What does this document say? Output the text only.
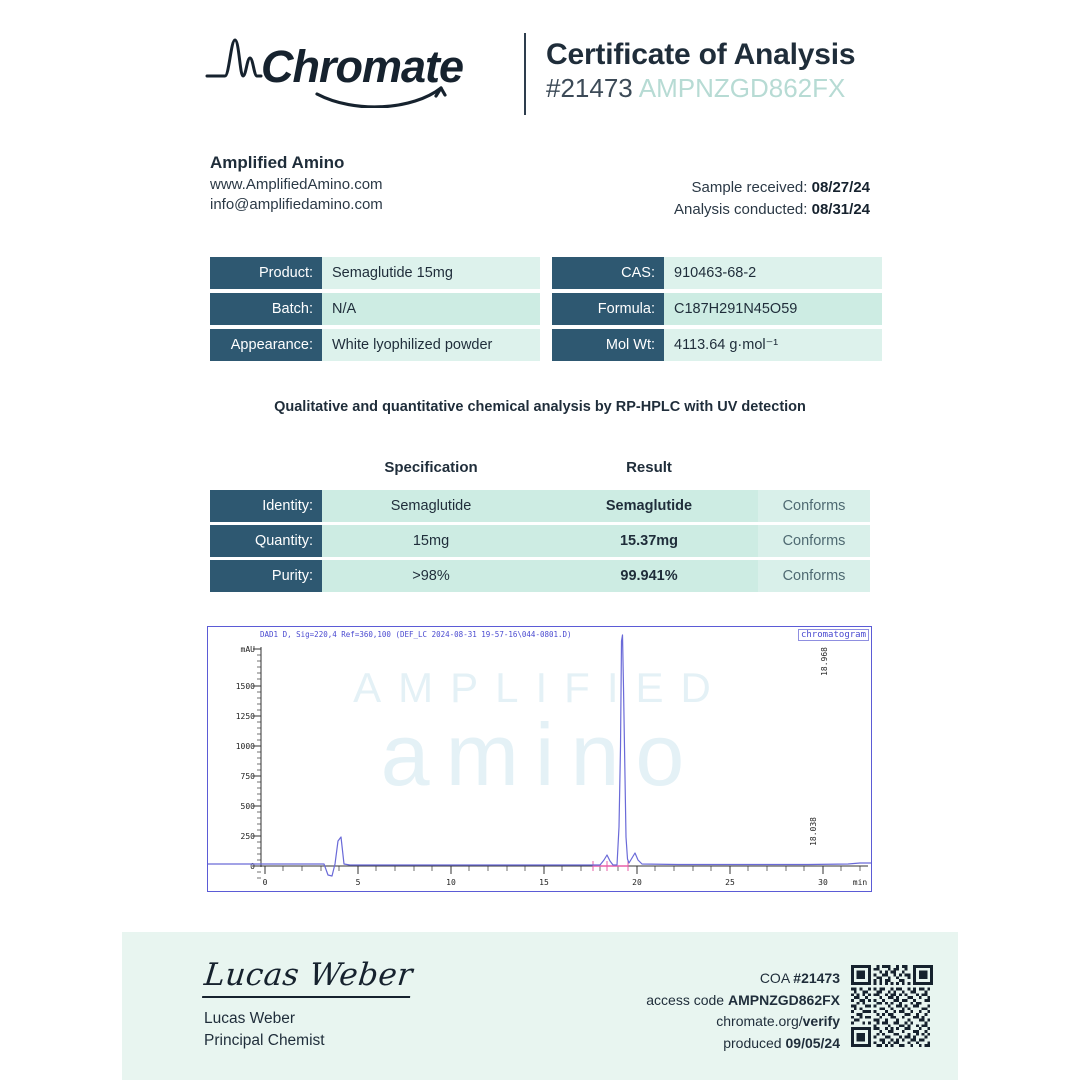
Chromate	Certificate of Analysis
#21473 AMPNZGD862FX
Amplified Amino
www.AmplifiedAmino.com
info@amplifiedamino.com
Sample received: 08/27/24
Analysis conducted: 08/31/24
Product:	Semaglutide 15mg	CAS:	910463-68-2
Batch:	N/A	Formula:	C187H291N45O59
Appearance:	White lyophilized powder	Mol Wt:	4113.64 g·mol⁻¹
Qualitative and quantitative chemical analysis by RP-HPLC with UV detection
Specification	Result
Identity:	Semaglutide	Semaglutide	Conforms
Quantity:	15mg	15.37mg	Conforms
Purity:	>98%	99.941%	Conforms
AMPLIFIED
amino
DAD1 D, Sig=220,4 Ref=360,100 (DEF_LC 2024-08-31 19-57-16\044-0801.D)	chromatogram
mAU
1500
1250
1000
750
500
250
0
0	5	10	15	20	25	30	min
18.968
18.038
Lucas Weber
Lucas Weber
Principal Chemist
COA #21473
access code AMPNZGD862FX
chromate.org/verify
produced 09/05/24
